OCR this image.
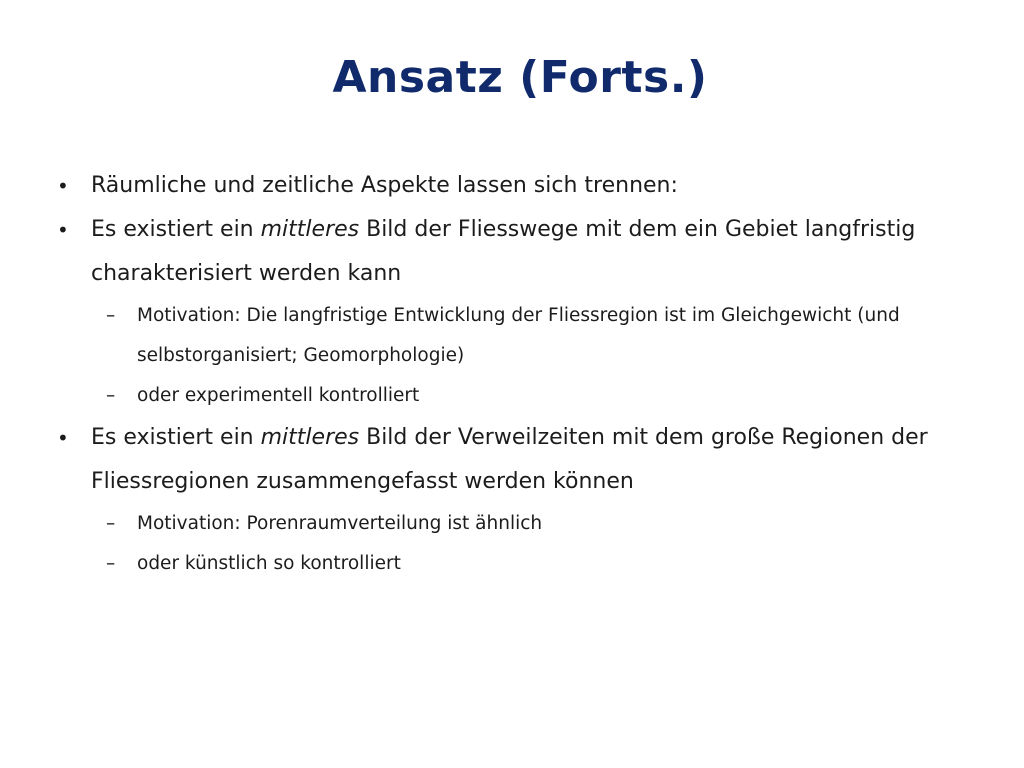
Ansatz (Forts.)
• Räumliche und zeitliche Aspekte lassen sich trennen:
• Es existiert ein mittleres Bild der Fliesswege mit dem ein Gebiet langfristig charakterisiert werden kann
– Motivation: Die langfristige Entwicklung der Fliessregion ist im Gleichgewicht (und selbstorganisiert; Geomorphologie)
– oder experimentell kontrolliert
• Es existiert ein mittleres Bild der Verweilzeiten mit dem große Regionen der Fliessregionen zusammengefasst werden können
– Motivation: Porenraumverteilung ist ähnlich
– oder künstlich so kontrolliert
